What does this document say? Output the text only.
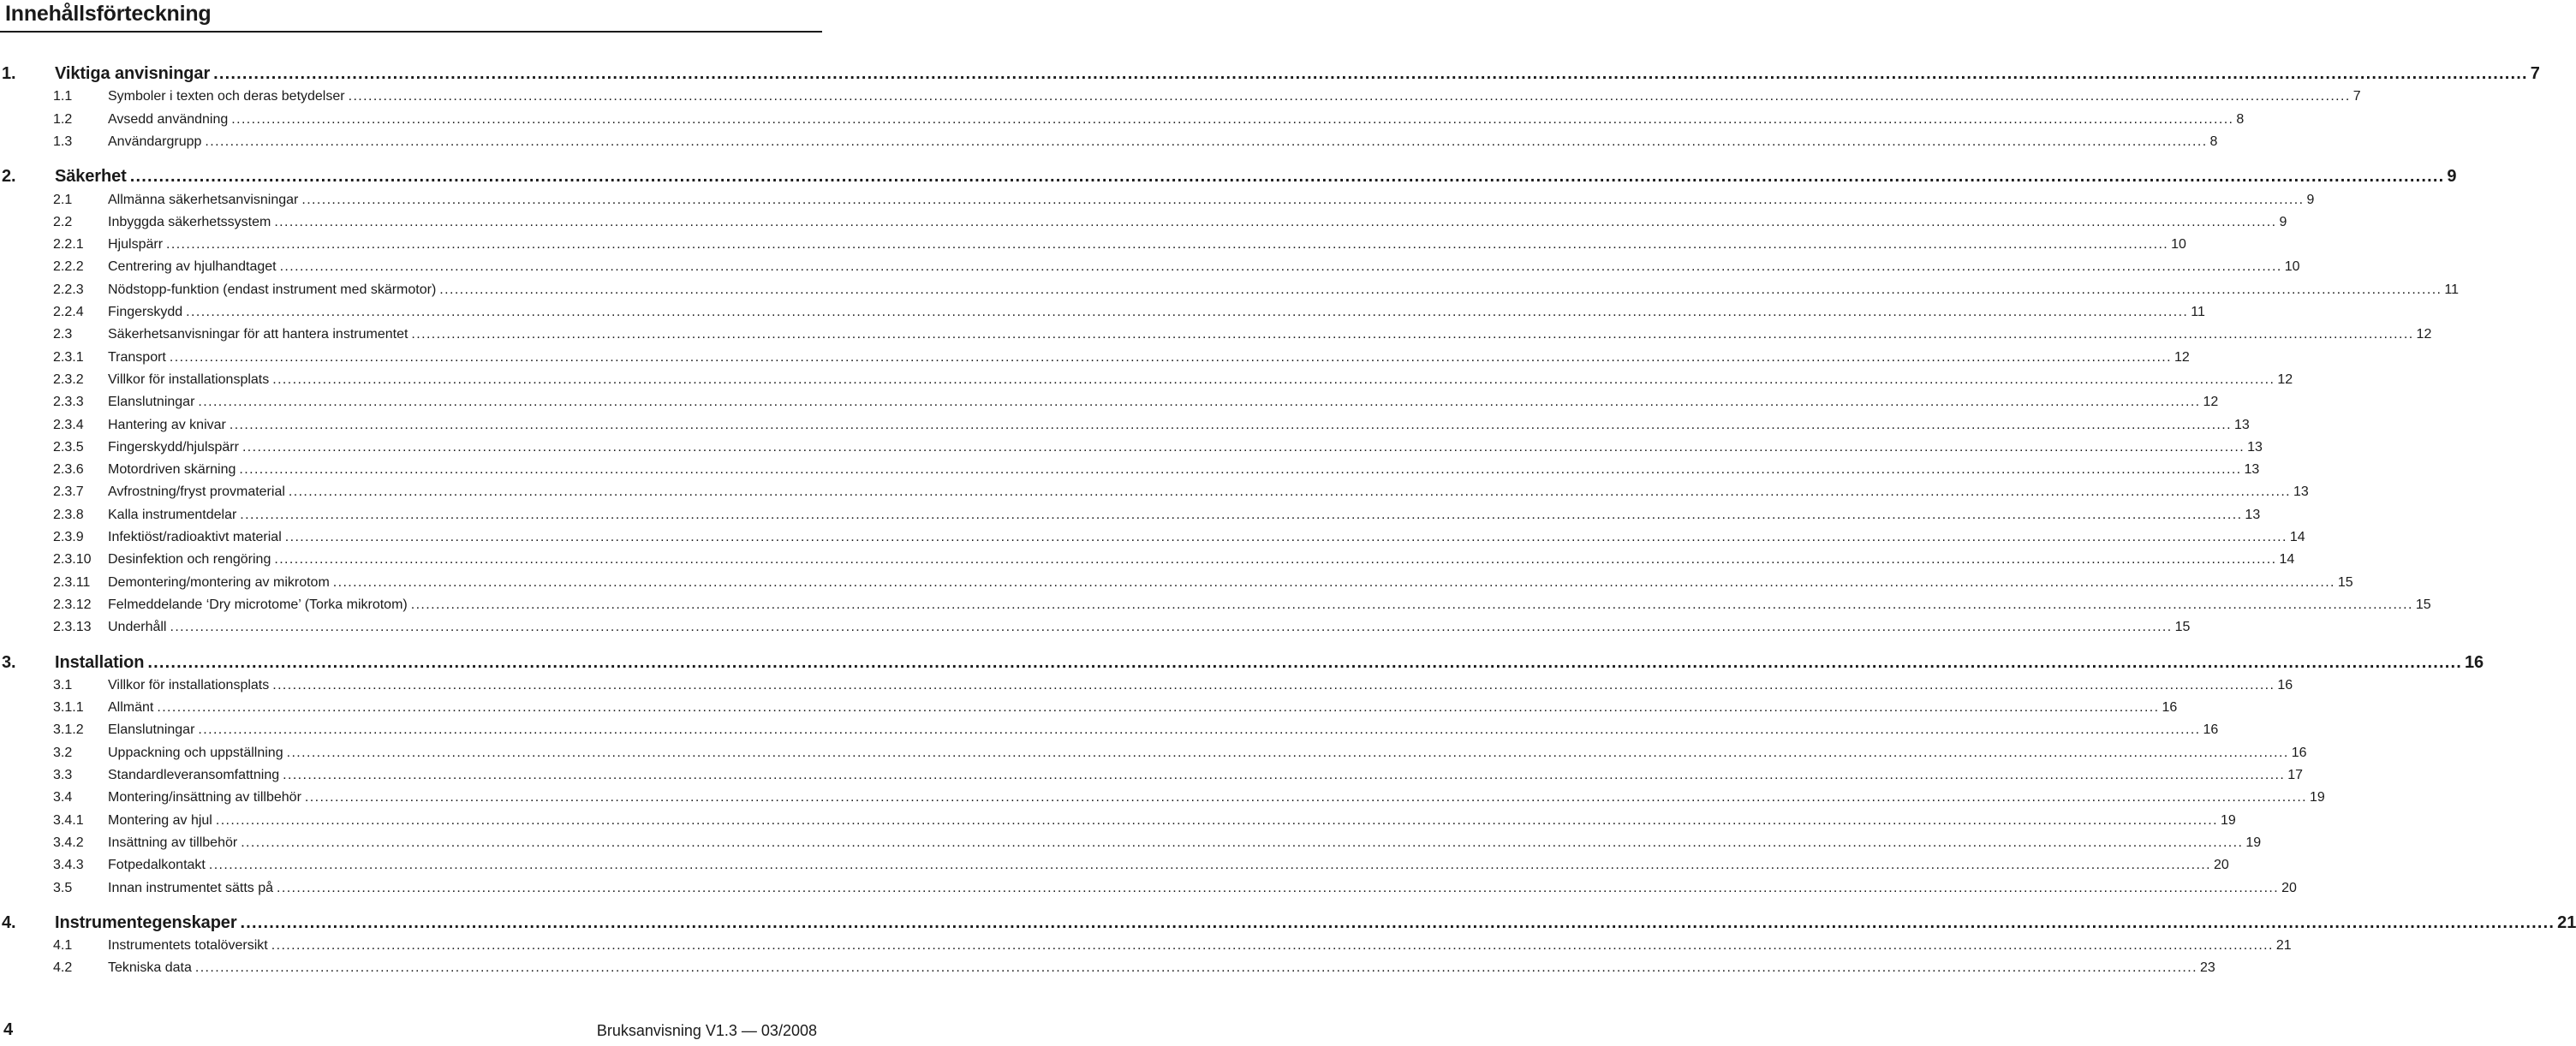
Innehållsförteckning
1.	Viktiga anvisningar ................................................................................................................................................................................................................................................................................................................................................................................................................ 7
1.1	Symboler i texten och deras betydelser ................................................................................................................................................................................................................................................................................................................................................................................................................ 7
1.2	Avsedd användning ................................................................................................................................................................................................................................................................................................................................................................................................................ 8
1.3	Användargrupp ................................................................................................................................................................................................................................................................................................................................................................................................................ 8
2.	Säkerhet ................................................................................................................................................................................................................................................................................................................................................................................................................ 9
2.1	Allmänna säkerhetsanvisningar ................................................................................................................................................................................................................................................................................................................................................................................................................ 9
2.2	Inbyggda säkerhetssystem ................................................................................................................................................................................................................................................................................................................................................................................................................ 9
2.2.1	Hjulspärr ................................................................................................................................................................................................................................................................................................................................................................................................................ 10
2.2.2	Centrering av hjulhandtaget ................................................................................................................................................................................................................................................................................................................................................................................................................ 10
2.2.3	Nödstopp-funktion (endast instrument med skärmotor) ................................................................................................................................................................................................................................................................................................................................................................................................................ 11
2.2.4	Fingerskydd ................................................................................................................................................................................................................................................................................................................................................................................................................ 11
2.3	Säkerhetsanvisningar för att hantera instrumentet ................................................................................................................................................................................................................................................................................................................................................................................................................ 12
2.3.1	Transport ................................................................................................................................................................................................................................................................................................................................................................................................................ 12
2.3.2	Villkor för installationsplats ................................................................................................................................................................................................................................................................................................................................................................................................................ 12
2.3.3	Elanslutningar ................................................................................................................................................................................................................................................................................................................................................................................................................ 12
2.3.4	Hantering av knivar ................................................................................................................................................................................................................................................................................................................................................................................................................ 13
2.3.5	Fingerskydd/hjulspärr ................................................................................................................................................................................................................................................................................................................................................................................................................ 13
2.3.6	Motordriven skärning ................................................................................................................................................................................................................................................................................................................................................................................................................ 13
2.3.7	Avfrostning/fryst provmaterial ................................................................................................................................................................................................................................................................................................................................................................................................................ 13
2.3.8	Kalla instrumentdelar ................................................................................................................................................................................................................................................................................................................................................................................................................ 13
2.3.9	Infektiöst/radioaktivt material ................................................................................................................................................................................................................................................................................................................................................................................................................ 14
2.3.10	Desinfektion och rengöring ................................................................................................................................................................................................................................................................................................................................................................................................................ 14
2.3.11	Demontering/montering av mikrotom ................................................................................................................................................................................................................................................................................................................................................................................................................ 15
2.3.12	Felmeddelande ‘Dry microtome’ (Torka mikrotom) ................................................................................................................................................................................................................................................................................................................................................................................................................ 15
2.3.13	Underhåll ................................................................................................................................................................................................................................................................................................................................................................................................................ 15
3.	Installation ................................................................................................................................................................................................................................................................................................................................................................................................................ 16
3.1	Villkor för installationsplats ................................................................................................................................................................................................................................................................................................................................................................................................................ 16
3.1.1	Allmänt ................................................................................................................................................................................................................................................................................................................................................................................................................ 16
3.1.2	Elanslutningar ................................................................................................................................................................................................................................................................................................................................................................................................................ 16
3.2	Uppackning och uppställning ................................................................................................................................................................................................................................................................................................................................................................................................................ 16
3.3	Standardleveransomfattning ................................................................................................................................................................................................................................................................................................................................................................................................................ 17
3.4	Montering/insättning av tillbehör ................................................................................................................................................................................................................................................................................................................................................................................................................ 19
3.4.1	Montering av hjul ................................................................................................................................................................................................................................................................................................................................................................................................................ 19
3.4.2	Insättning av tillbehör ................................................................................................................................................................................................................................................................................................................................................................................................................ 19
3.4.3	Fotpedalkontakt ................................................................................................................................................................................................................................................................................................................................................................................................................ 20
3.5	Innan instrumentet sätts på ................................................................................................................................................................................................................................................................................................................................................................................................................ 20
4.	Instrumentegenskaper ................................................................................................................................................................................................................................................................................................................................................................................................................ 21
4.1	Instrumentets totalöversikt ................................................................................................................................................................................................................................................................................................................................................................................................................ 21
4.2	Tekniska data ................................................................................................................................................................................................................................................................................................................................................................................................................ 23
4	Bruksanvisning V1.3 — 03/2008
